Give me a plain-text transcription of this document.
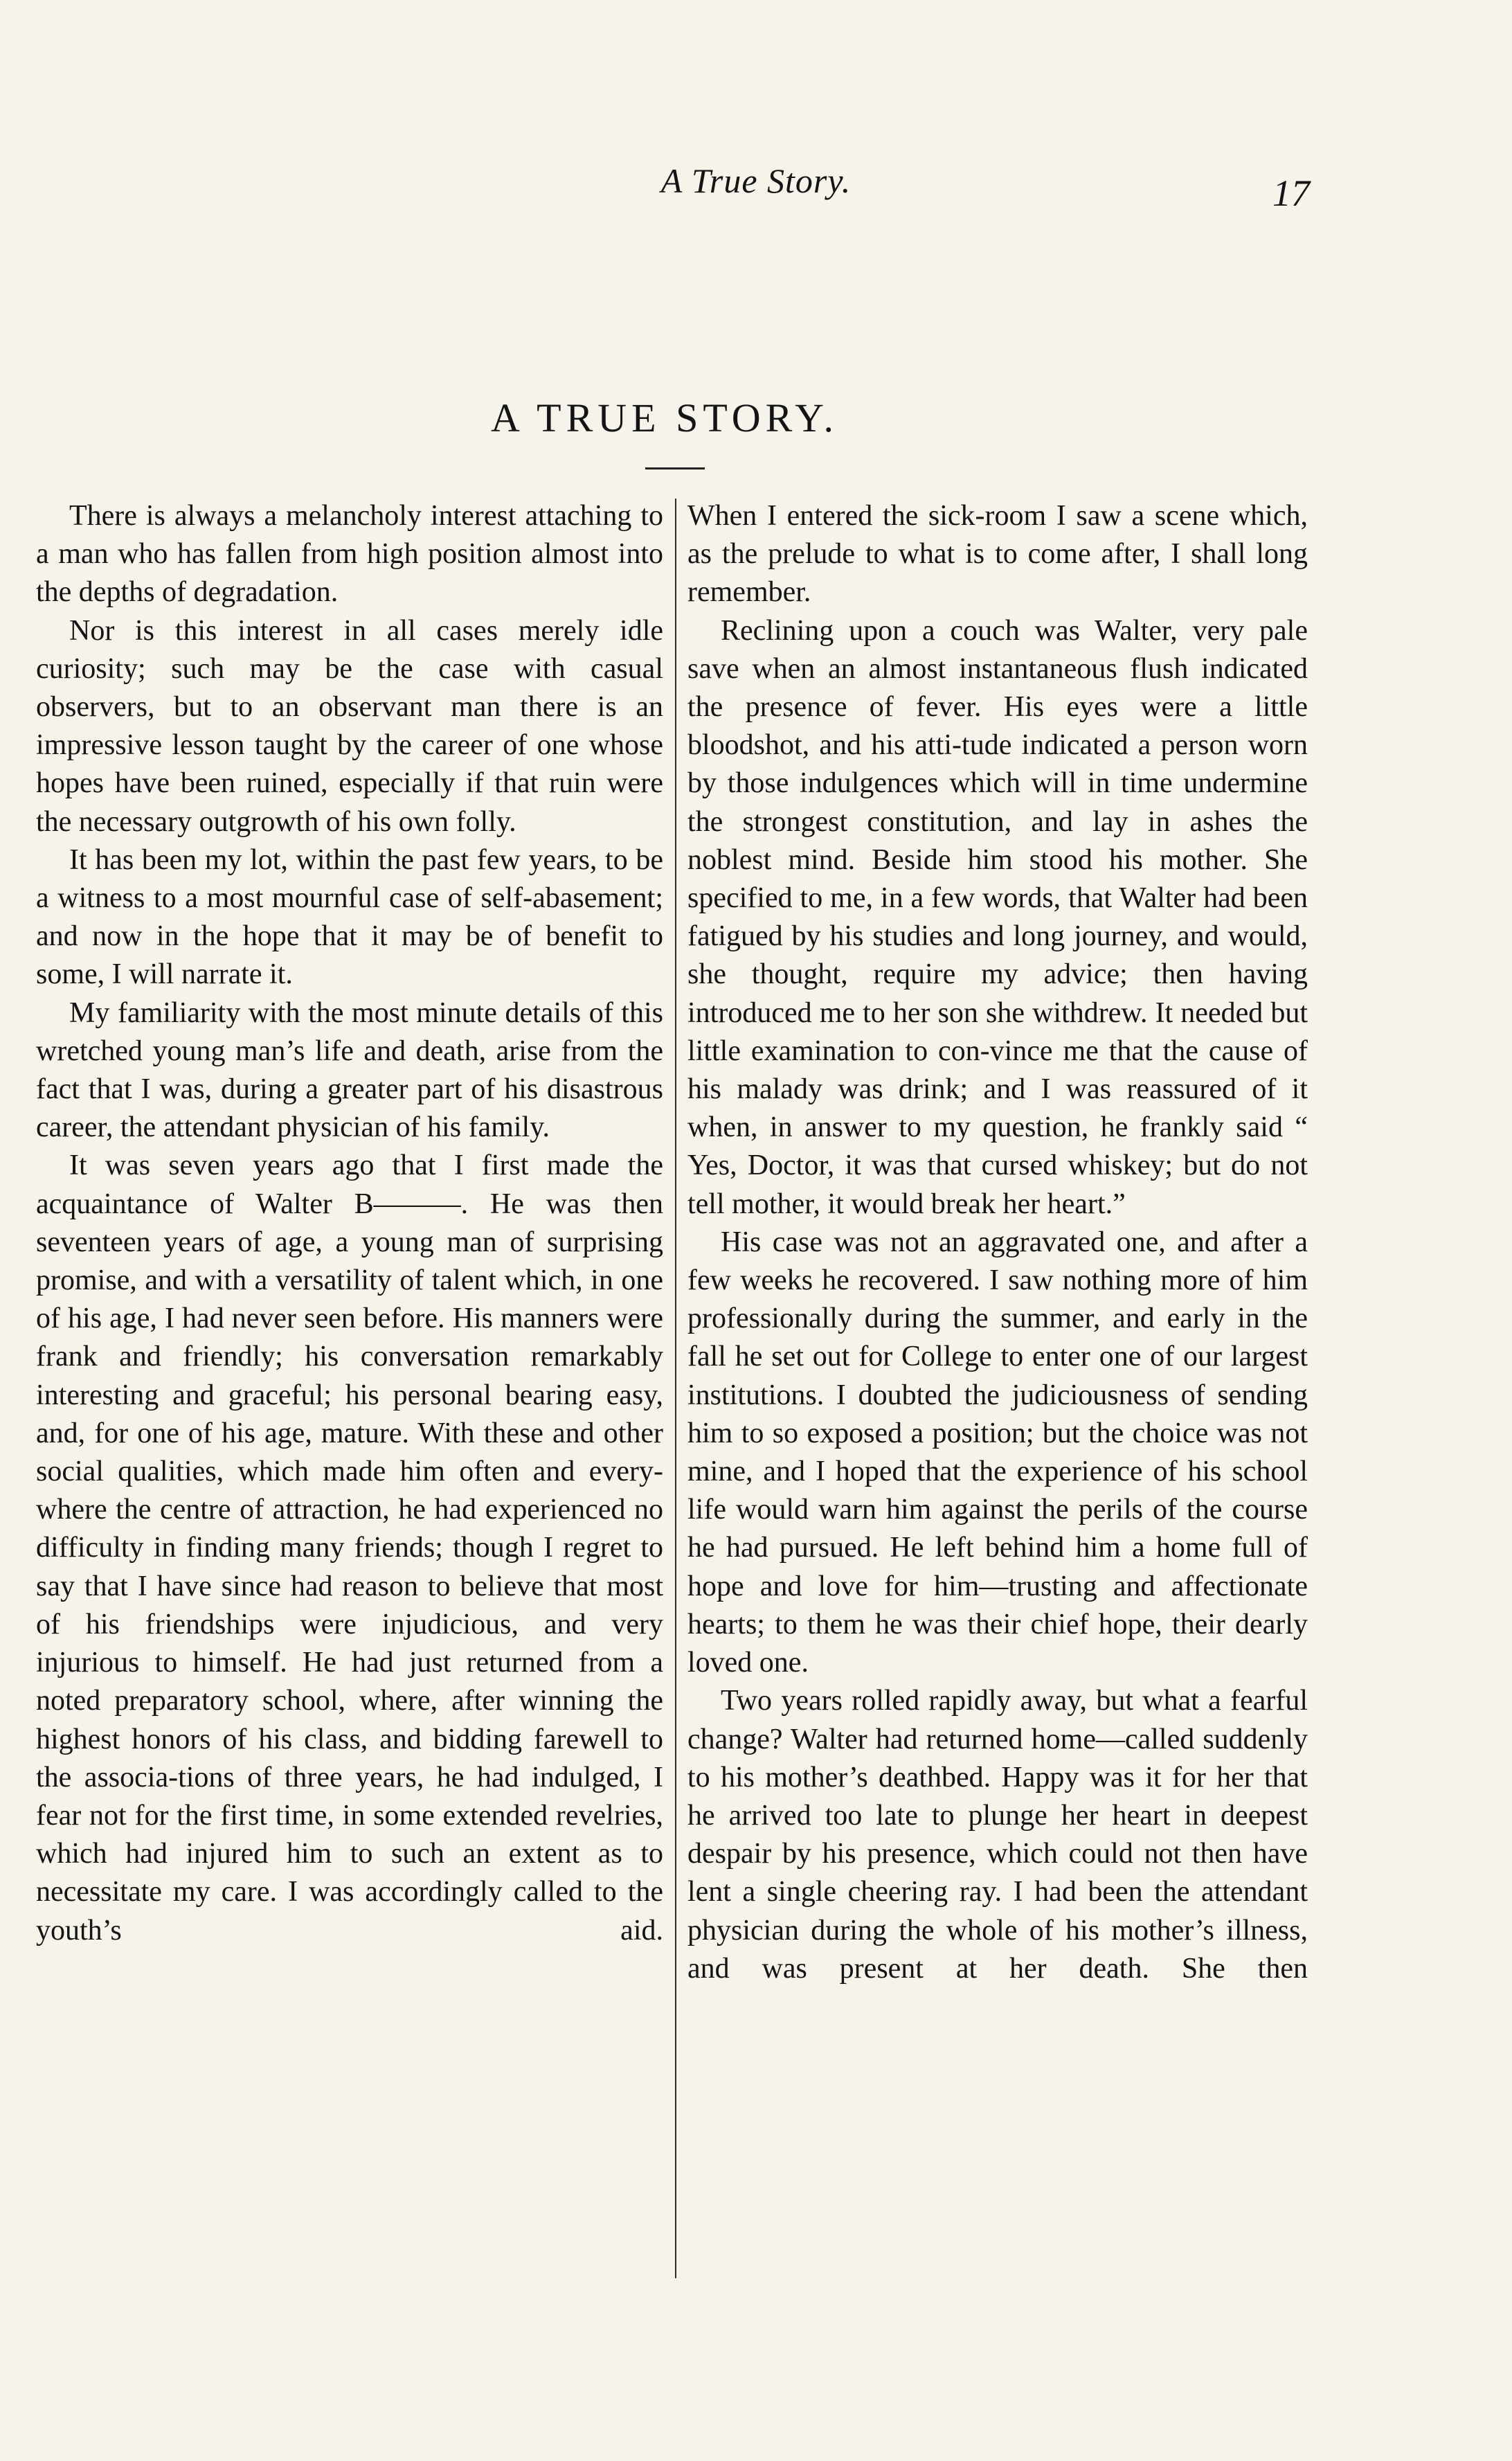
A True Story.	17
A TRUE STORY.

There is always a melancholy interest attaching to a man who has fallen from high position almost into the depths of degradation.

Nor is this interest in all cases merely idle curiosity; such may be the case with casual observers, but to an observant man there is an impressive lesson taught by the career of one whose hopes have been ruined, especially if that ruin were the necessary outgrowth of his own folly.

It has been my lot, within the past few years, to be a witness to a most mournful case of self-abasement; and now in the hope that it may be of benefit to some, I will narrate it.

My familiarity with the most minute details of this wretched young man’s life and death, arise from the fact that I was, during a greater part of his disastrous career, the attendant physician of his family.

It was seven years ago that I first made the acquaintance of Walter B———. He was then seventeen years of age, a young man of surprising promise, and with a versatility of talent which, in one of his age, I had never seen before. His manners were frank and friendly; his conversation remarkably interesting and graceful; his personal bearing easy, and, for one of his age, mature. With these and other social qualities, which made him often and every-where the centre of attraction, he had experienced no difficulty in finding many friends; though I regret to say that I have since had reason to believe that most of his friendships were injudicious, and very injurious to himself. He had just returned from a noted preparatory school, where, after winning the highest honors of his class, and bidding farewell to the associa-tions of three years, he had indulged, I fear not for the first time, in some extended revelries, which had injured him to such an extent as to necessitate my care. I was accordingly called to the youth’s aid.

When I entered the sick-room I saw a scene which, as the prelude to what is to come after, I shall long remember.

Reclining upon a couch was Walter, very pale save when an almost instantaneous flush indicated the presence of fever. His eyes were a little bloodshot, and his atti-tude indicated a person worn by those indulgences which will in time undermine the strongest constitution, and lay in ashes the noblest mind. Beside him stood his mother. She specified to me, in a few words, that Walter had been fatigued by his studies and long journey, and would, she thought, require my advice; then having introduced me to her son she withdrew. It needed but little examination to con-vince me that the cause of his malady was drink; and I was reassured of it when, in answer to my question, he frankly said “ Yes, Doctor, it was that cursed whiskey; but do not tell mother, it would break her heart.”

His case was not an aggravated one, and after a few weeks he recovered. I saw nothing more of him professionally during the summer, and early in the fall he set out for College to enter one of our largest institutions. I doubted the judiciousness of sending him to so exposed a position; but the choice was not mine, and I hoped that the experience of his school life would warn him against the perils of the course he had pursued. He left behind him a home full of hope and love for him—trusting and affectionate hearts; to them he was their chief hope, their dearly loved one.

Two years rolled rapidly away, but what a fearful change? Walter had returned home—called suddenly to his mother’s deathbed. Happy was it for her that he arrived too late to plunge her heart in deepest despair by his presence, which could not then have lent a single cheering ray. I had been the attendant physician during the whole of his mother’s illness, and was present at her death. She then
